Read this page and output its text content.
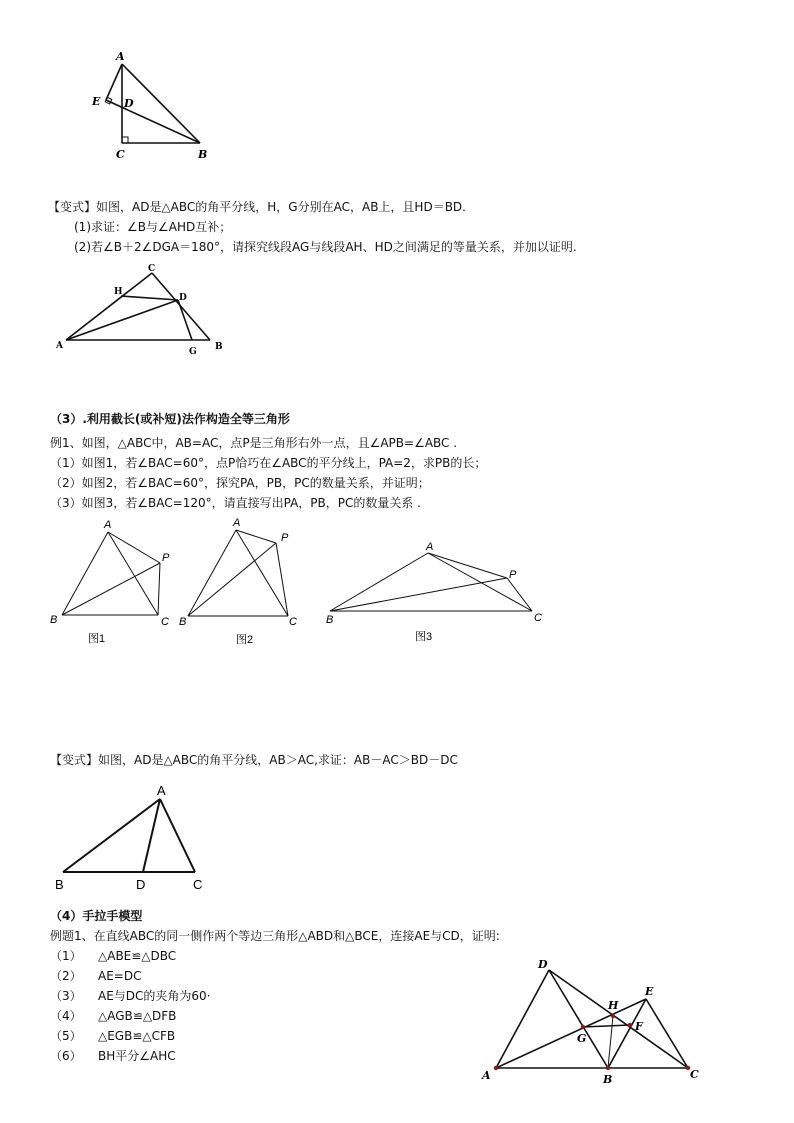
A
E D
C	B
【变式】如图，AD是△ABC的角平分线，H，G分别在AC，AB上，且HD＝BD.
(1)求证：∠B与∠AHD互补；
(2)若∠B＋2∠DGA＝180°，请探究线段AG与线段AH、HD之间满足的等量关系，并加以证明.
C
H
D
A
G B
（3）.利用截长(或补短)法作构造全等三角形
例1、如图，△ABC中，AB=AC，点P是三角形右外一点，且∠APB=∠ABC .
（1）如图1，若∠BAC=60°，点P恰巧在∠ABC的平分线上，PA=2，求PB的长；
（2）如图2，若∠BAC=60°，探究PA，PB，PC的数量关系，并证明；
（3）如图3，若∠BAC=120°，请直接写出PA，PB，PC的数量关系 .
A
P
B	C
图1
A
P
B	C
图2
A
P
B	C
图3
【变式】如图，AD是△ABC的角平分线，AB＞AC,求证：AB－AC＞BD－DC
A
B	D	C
（4）手拉手模型
例题1、在直线ABC的同一侧作两个等边三角形△ABD和△BCE，连接AE与CD，证明:
（1） △ABE≌△DBC
（2） AE=DC
（3） AE与DC的夹角为60·
（4） △AGB≌△DFB
（5） △EGB≌△CFB
（6） BH平分∠AHC
D
E
H
G
F
A	B	C
